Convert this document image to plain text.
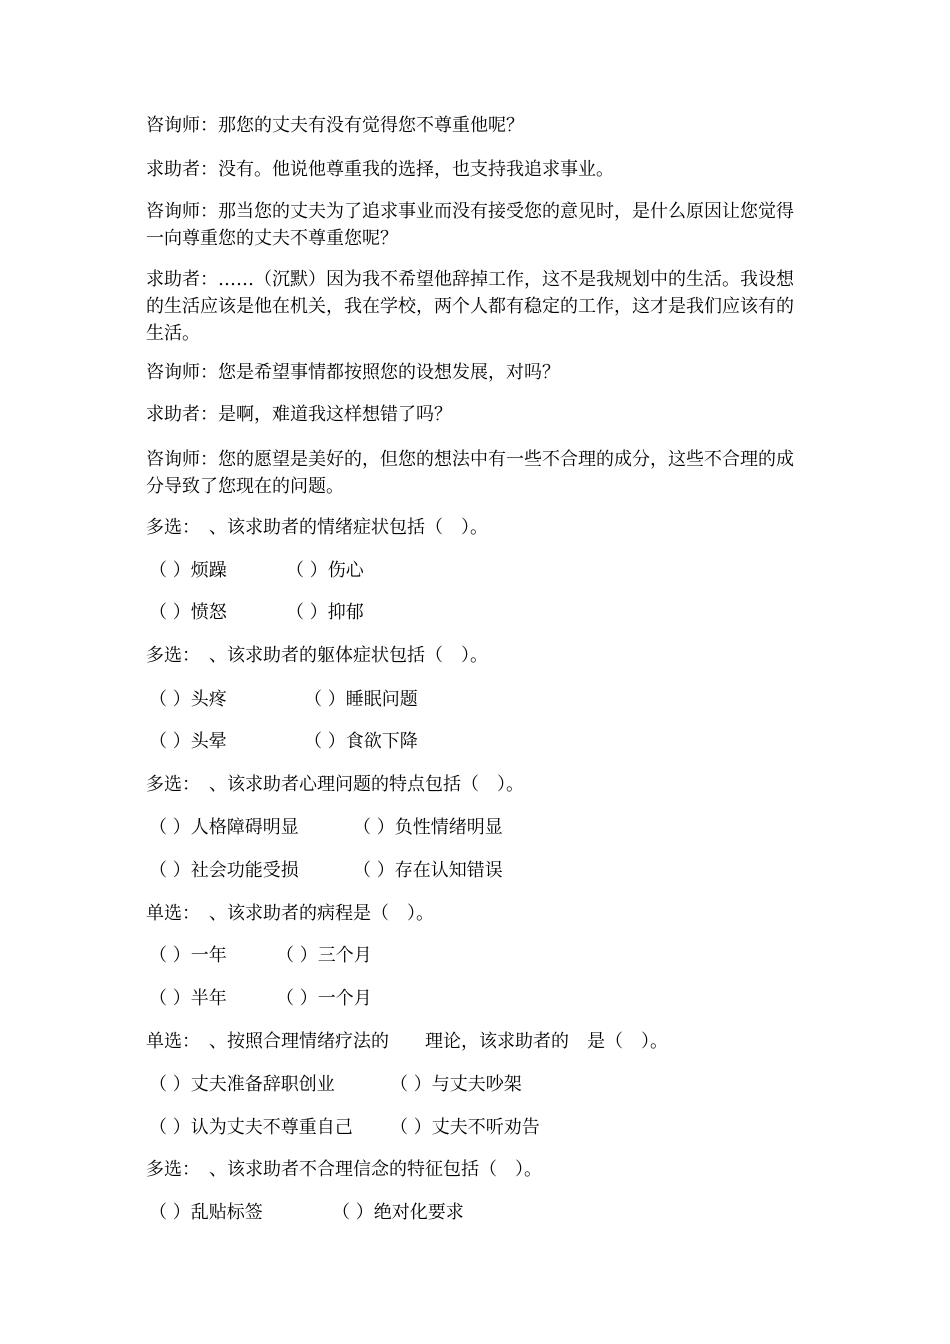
咨询师：那您的丈夫有没有觉得您不尊重他呢？
求助者：没有。他说他尊重我的选择，也支持我追求事业。
咨询师：那当您的丈夫为了追求事业而没有接受您的意见时，是什么原因让您觉得一向尊重您的丈夫不尊重您呢？
求助者：……（沉默）因为我不希望他辞掉工作，这不是我规划中的生活。我设想的生活应该是他在机关，我在学校，两个人都有稳定的工作，这才是我们应该有的生活。
咨询师：您是希望事情都按照您的设想发展，对吗？
求助者：是啊，难道我这样想错了吗？
咨询师：您的愿望是美好的，但您的想法中有一些不合理的成分，这些不合理的成分导致了您现在的问题。
多选：　、该求助者的情绪症状包括（　）。
（ ）烦躁	（ ）伤心
（ ）愤怒	（ ）抑郁
多选：　、该求助者的躯体症状包括（　）。
（ ）头疼	（ ）睡眠问题
（ ）头晕	（ ）食欲下降
多选：　、该求助者心理问题的特点包括（　）。
（ ）人格障碍明显	（ ）负性情绪明显
（ ）社会功能受损	（ ）存在认知错误
单选：　、该求助者的病程是（　）。
（ ）一年	（ ）三个月
（ ）半年	（ ）一个月
单选：　、按照合理情绪疗法的　　理论，该求助者的　是（　）。
（ ）丈夫准备辞职创业	（ ）与丈夫吵架
（ ）认为丈夫不尊重自己 （ ）丈夫不听劝告
多选：　、该求助者不合理信念的特征包括（　）。
（ ）乱贴标签	（ ）绝对化要求
